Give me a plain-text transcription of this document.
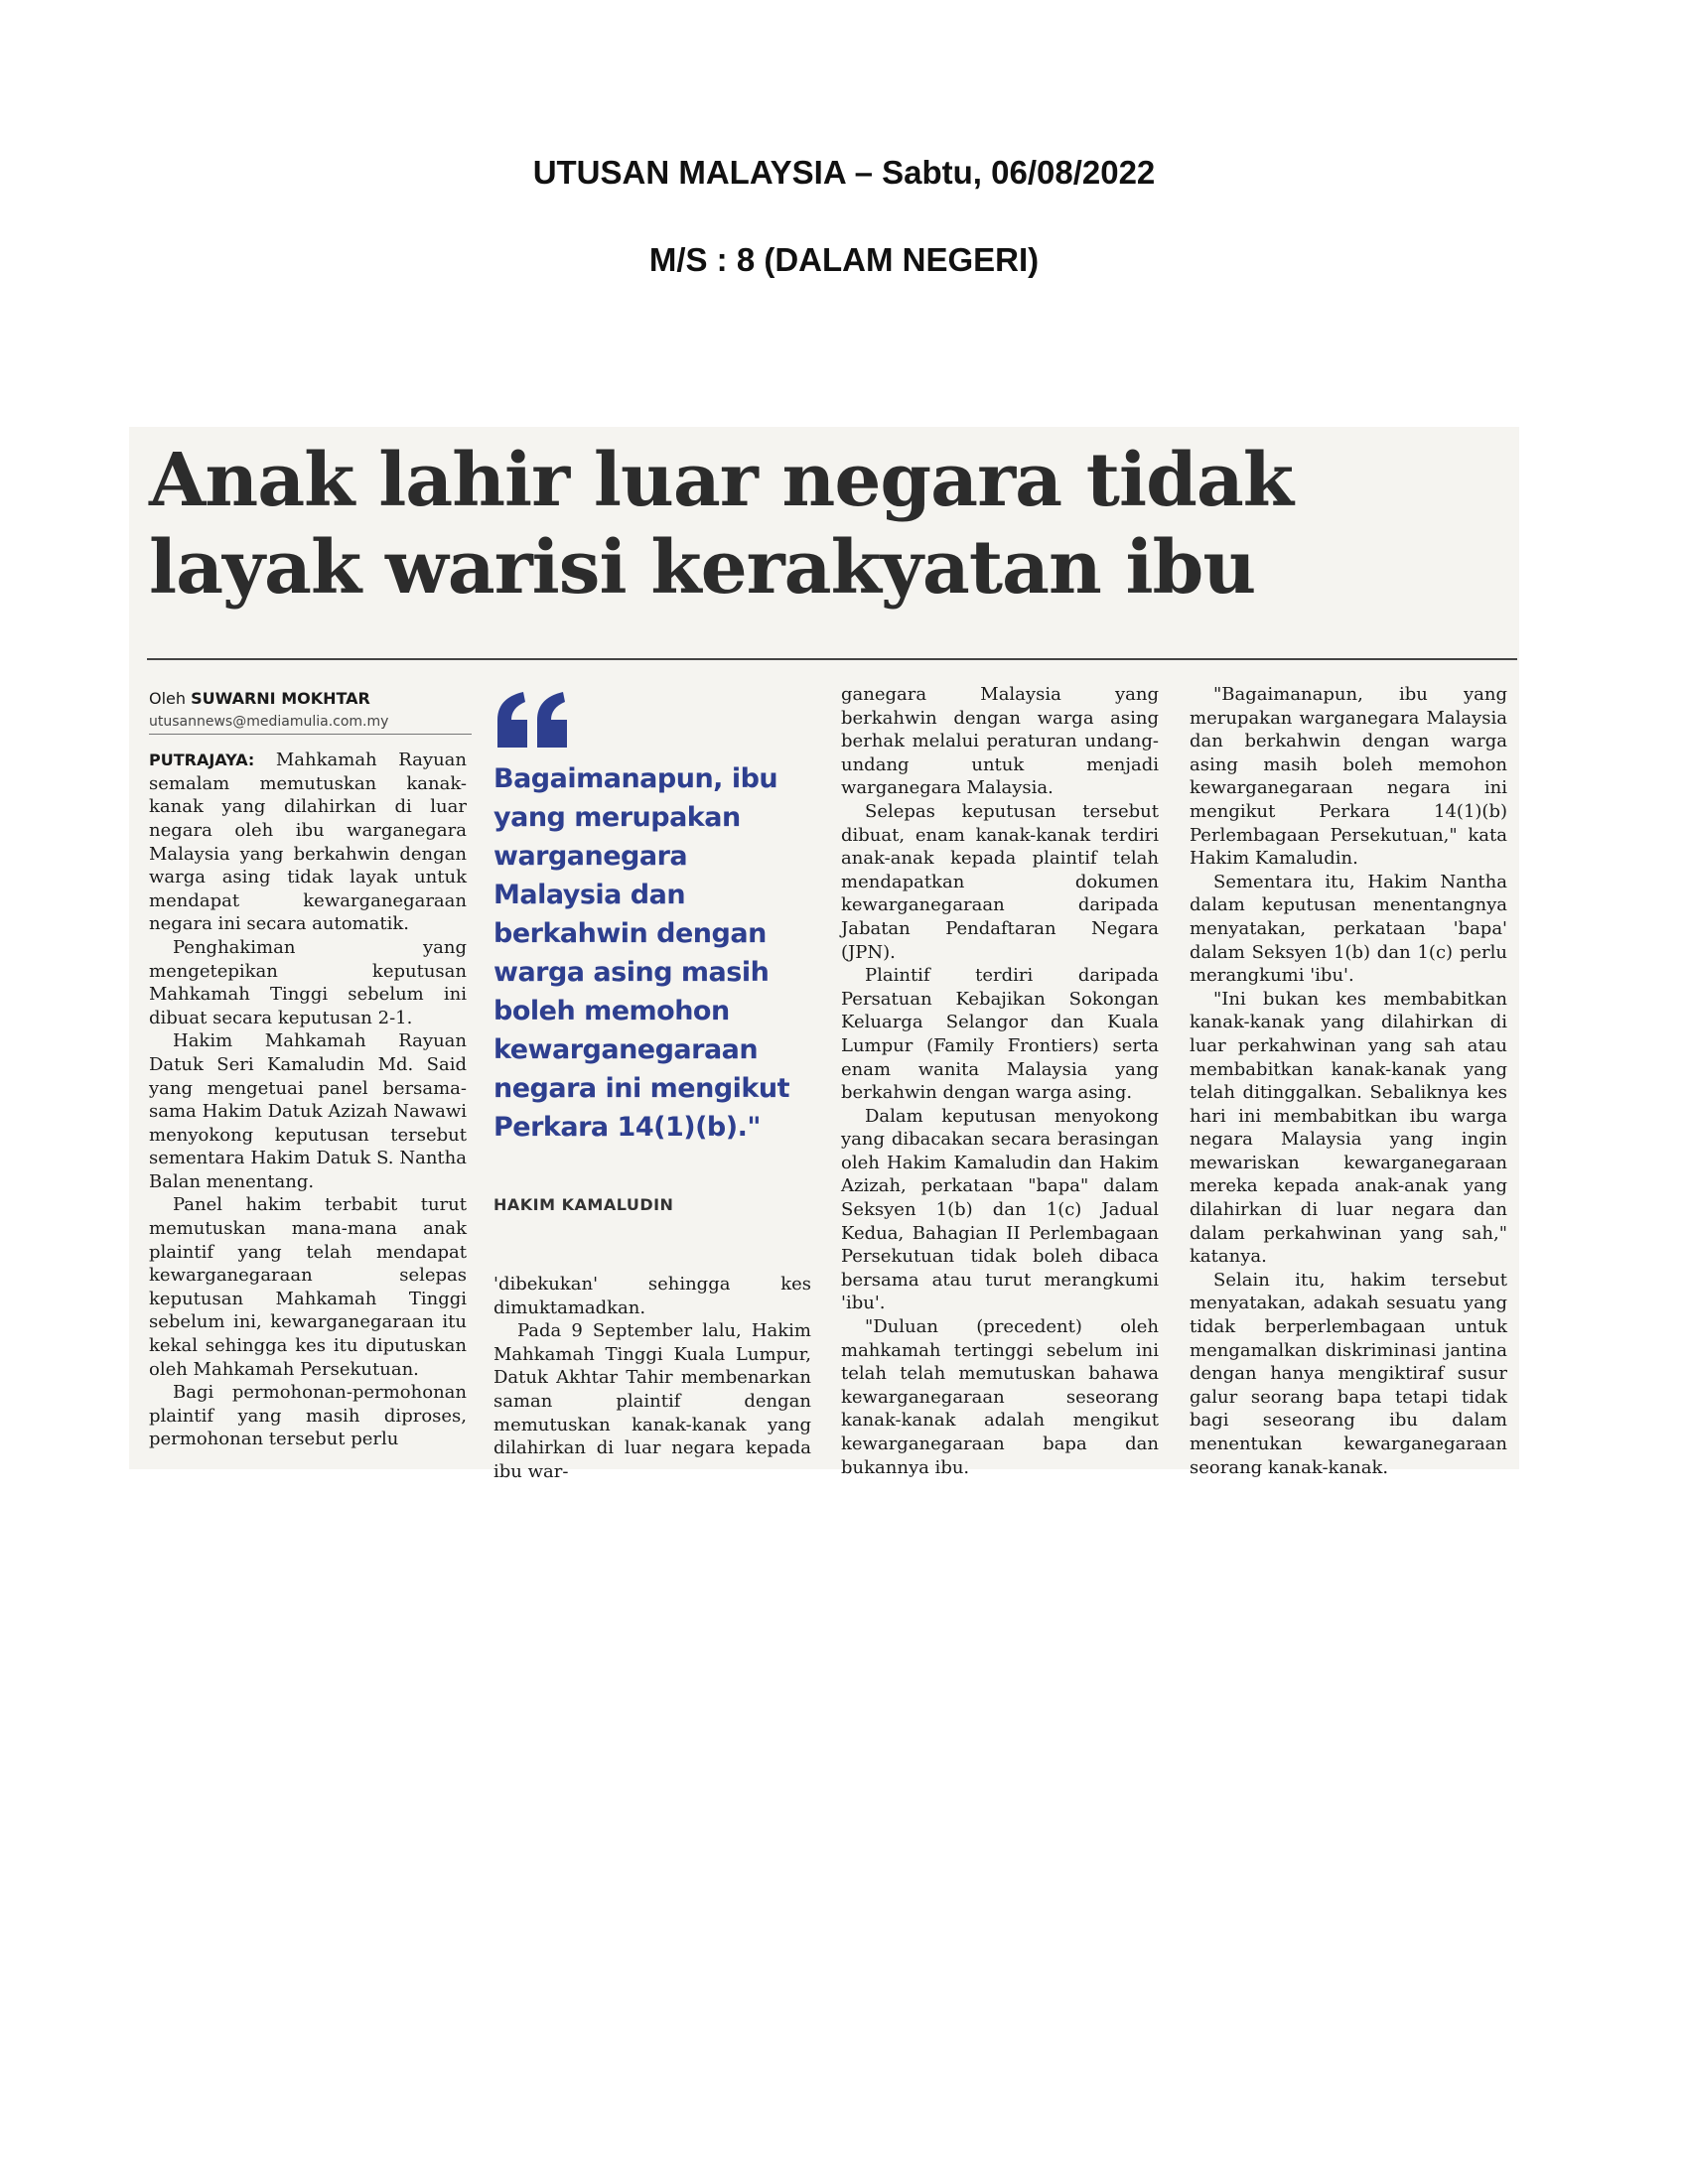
UTUSAN MALAYSIA – Sabtu, 06/08/2022
M/S : 8 (DALAM NEGERI)
Anak lahir luar negara tidak
layak warisi kerakyatan ibu

Oleh SUWARNI MOKHTAR

utusannews@mediamulia.com.my

PUTRAJAYA: Mahkamah Rayuan semalam memutuskan kanak-kanak yang dilahirkan di luar negara oleh ibu warganegara Malaysia yang berkahwin dengan warga asing tidak layak untuk mendapat kewarganegaraan negara ini secara automatik.

Penghakiman yang mengetepikan keputusan Mahkamah Tinggi sebelum ini dibuat secara keputusan 2-1.

Hakim Mahkamah Rayuan Datuk Seri Kamaludin Md. Said yang mengetuai panel bersama-sama Hakim Datuk Azizah Nawawi menyokong keputusan tersebut sementara Hakim Datuk S. Nantha Balan menentang.

Panel hakim terbabit turut memutuskan mana-mana anak plaintif yang telah mendapat kewarganegaraan selepas keputusan Mahkamah Tinggi sebelum ini, kewarganegaraan itu kekal sehingga kes itu diputuskan oleh Mahkamah Persekutuan.

Bagi permohonan-permohonan plaintif yang masih diproses, permohonan tersebut perlu

Bagaimanapun, ibu yang merupakan warganegara Malaysia dan berkahwin dengan warga asing masih boleh memohon kewarganegaraan negara ini mengikut Perkara 14(1)(b)."

HAKIM KAMALUDIN

'dibekukan' sehingga kes dimuktamadkan.

Pada 9 September lalu, Hakim Mahkamah Tinggi Kuala Lumpur, Datuk Akhtar Tahir membenarkan saman plaintif dengan memutuskan kanak-kanak yang dilahirkan di luar negara kepada ibu war-

ganegara Malaysia yang berkahwin dengan warga asing berhak melalui peraturan undang-undang untuk menjadi warganegara Malaysia.

Selepas keputusan tersebut dibuat, enam kanak-kanak terdiri anak-anak kepada plaintif telah mendapatkan dokumen kewarganegaraan daripada Jabatan Pendaftaran Negara (JPN).

Plaintif terdiri daripada Persatuan Kebajikan Sokongan Keluarga Selangor dan Kuala Lumpur (Family Frontiers) serta enam wanita Malaysia yang berkahwin dengan warga asing.

Dalam keputusan menyokong yang dibacakan secara berasingan oleh Hakim Kamaludin dan Hakim Azizah, perkataan "bapa" dalam Seksyen 1(b) dan 1(c) Jadual Kedua, Bahagian II Perlembagaan Persekutuan tidak boleh dibaca bersama atau turut merangkumi 'ibu'.

"Duluan (precedent) oleh mahkamah tertinggi sebelum ini telah telah memutuskan bahawa kewarganegaraan seseorang kanak-kanak adalah mengikut kewarganegaraan bapa dan bukannya ibu.

"Bagaimanapun, ibu yang merupakan warganegara Malaysia dan berkahwin dengan warga asing masih boleh memohon kewarganegaraan negara ini mengikut Perkara 14(1)(b) Perlembagaan Persekutuan," kata Hakim Kamaludin.

Sementara itu, Hakim Nantha dalam keputusan menentangnya menyatakan, perkataan 'bapa' dalam Seksyen 1(b) dan 1(c) perlu merangkumi 'ibu'.

"Ini bukan kes membabitkan kanak-kanak yang dilahirkan di luar perkahwinan yang sah atau membabitkan kanak-kanak yang telah ditinggalkan. Sebaliknya kes hari ini membabitkan ibu warga negara Malaysia yang ingin mewariskan kewarganegaraan mereka kepada anak-anak yang dilahirkan di luar negara dan dalam perkahwinan yang sah," katanya.

Selain itu, hakim tersebut menyatakan, adakah sesuatu yang tidak berperlembagaan untuk mengamalkan diskriminasi jantina dengan hanya mengiktiraf susur galur seorang bapa tetapi tidak bagi seseorang ibu dalam menentukan kewarganegaraan seorang kanak-kanak.
